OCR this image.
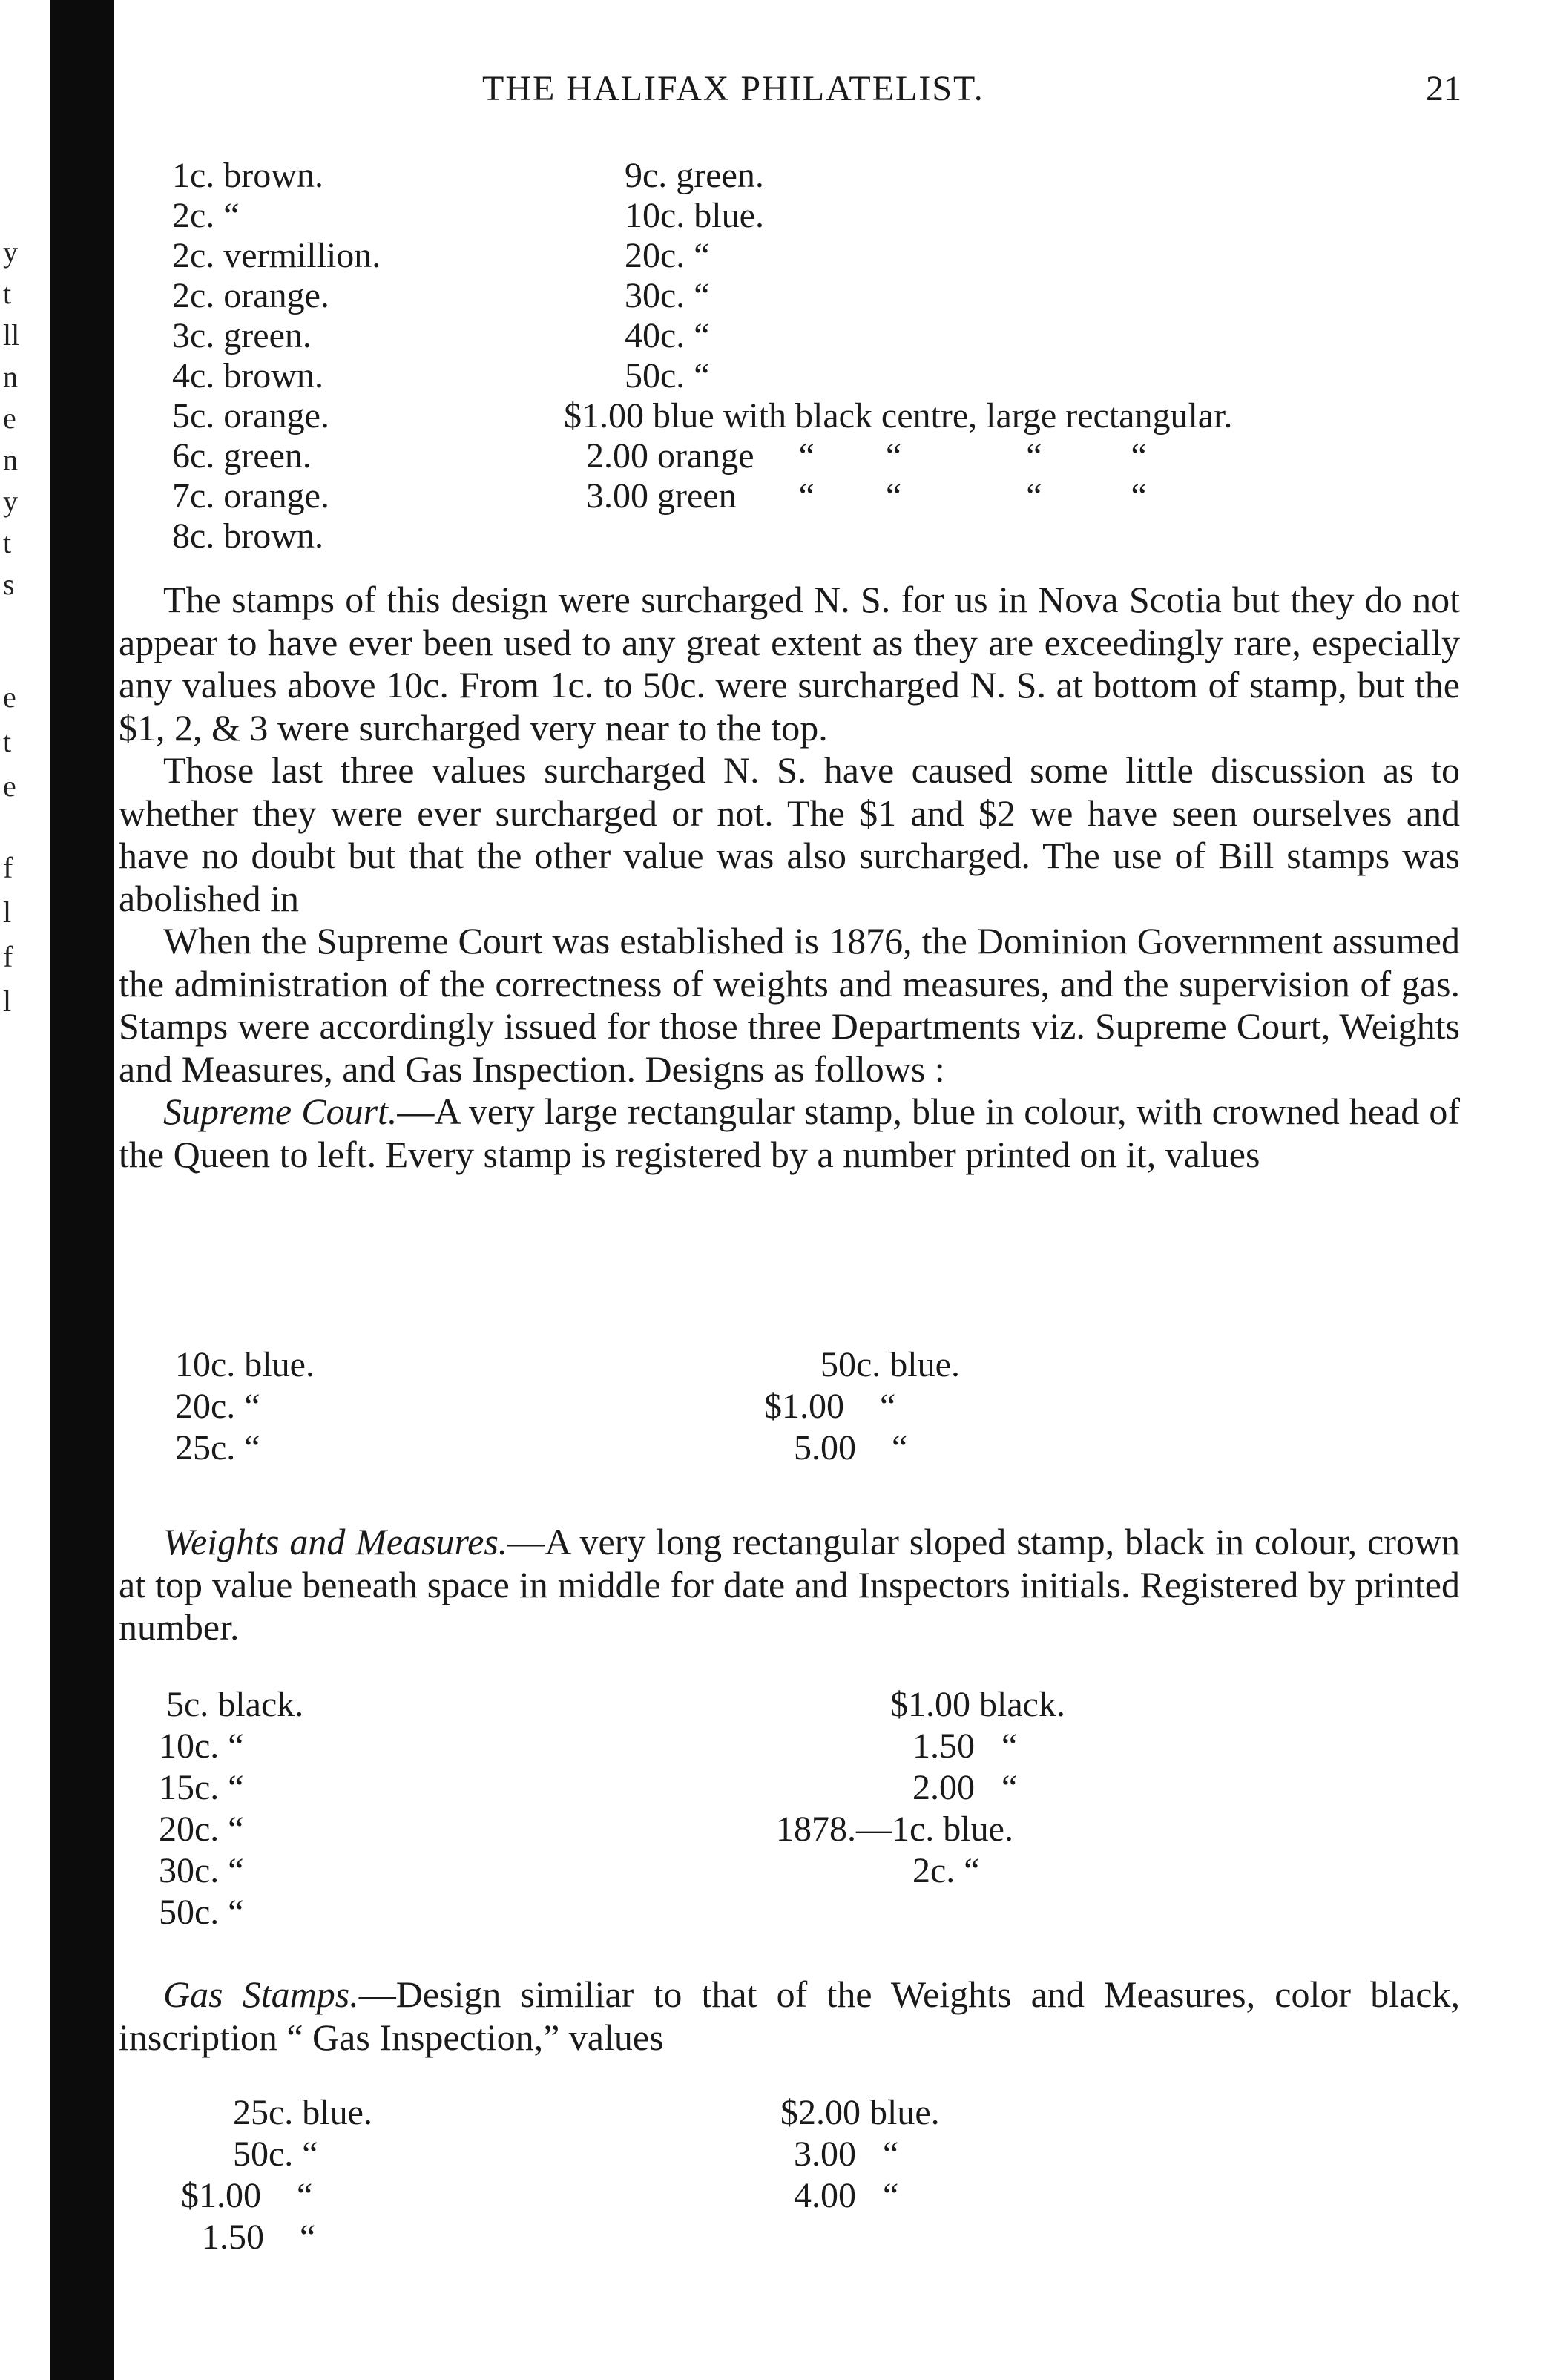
y
t
ll
n
e
n
y
t
s
e
t
e
f
l
f
l
THE HALIFAX PHILATELIST.	21
1c. brown.
2c. “
2c. vermillion.
2c. orange.
3c. green.
4c. brown.
5c. orange.
6c. green.
7c. orange.
8c. brown.
9c. green.
10c. blue.
20c. “
30c. “
40c. “
50c. “
$1.00 blue with black centre, large rectangular.
2.00 orange     “        “              “          “
3.00 green       “        “              “          “

The stamps of this design were surcharged N. S. for us in Nova Scotia but they do not appear to have ever been used to any great extent as they are exceedingly rare, especially any values above 10c. From 1c. to 50c. were surcharged N. S. at bottom of stamp, but the $1, 2, & 3 were surcharged very near to the top.

Those last three values surcharged N. S. have caused some little discussion as to whether they were ever surcharged or not. The $1 and $2 we have seen ourselves and have no doubt but that the other value was also surcharged. The use of Bill stamps was abolished in

When the Supreme Court was established is 1876, the Dominion Government assumed the administration of the correctness of weights and measures, and the supervision of gas. Stamps were accordingly issued for those three Departments viz. Supreme Court, Weights and Measures, and Gas Inspection. Designs as follows :

Supreme Court.—A very large rectangular stamp, blue in colour, with crowned head of the Queen to left. Every stamp is registered by a number printed on it, values

10c. blue.
20c. “
25c. “
50c. blue.
$1.00    “
5.00    “

Weights and Measures.—A very long rectangular sloped stamp, black in colour, crown at top value beneath space in middle for date and Inspectors initials. Registered by printed number.

5c. black.
10c. “
15c. “
20c. “
30c. “
50c. “
$1.00 black.
1.50   “
2.00   “
1878.—1c. blue.
2c. “

Gas Stamps.—Design similiar to that of the Weights and Measures, color black, inscription “ Gas Inspection,” values

25c. blue.
50c. “
$1.00    “
1.50    “
$2.00 blue.
3.00   “
4.00   “
